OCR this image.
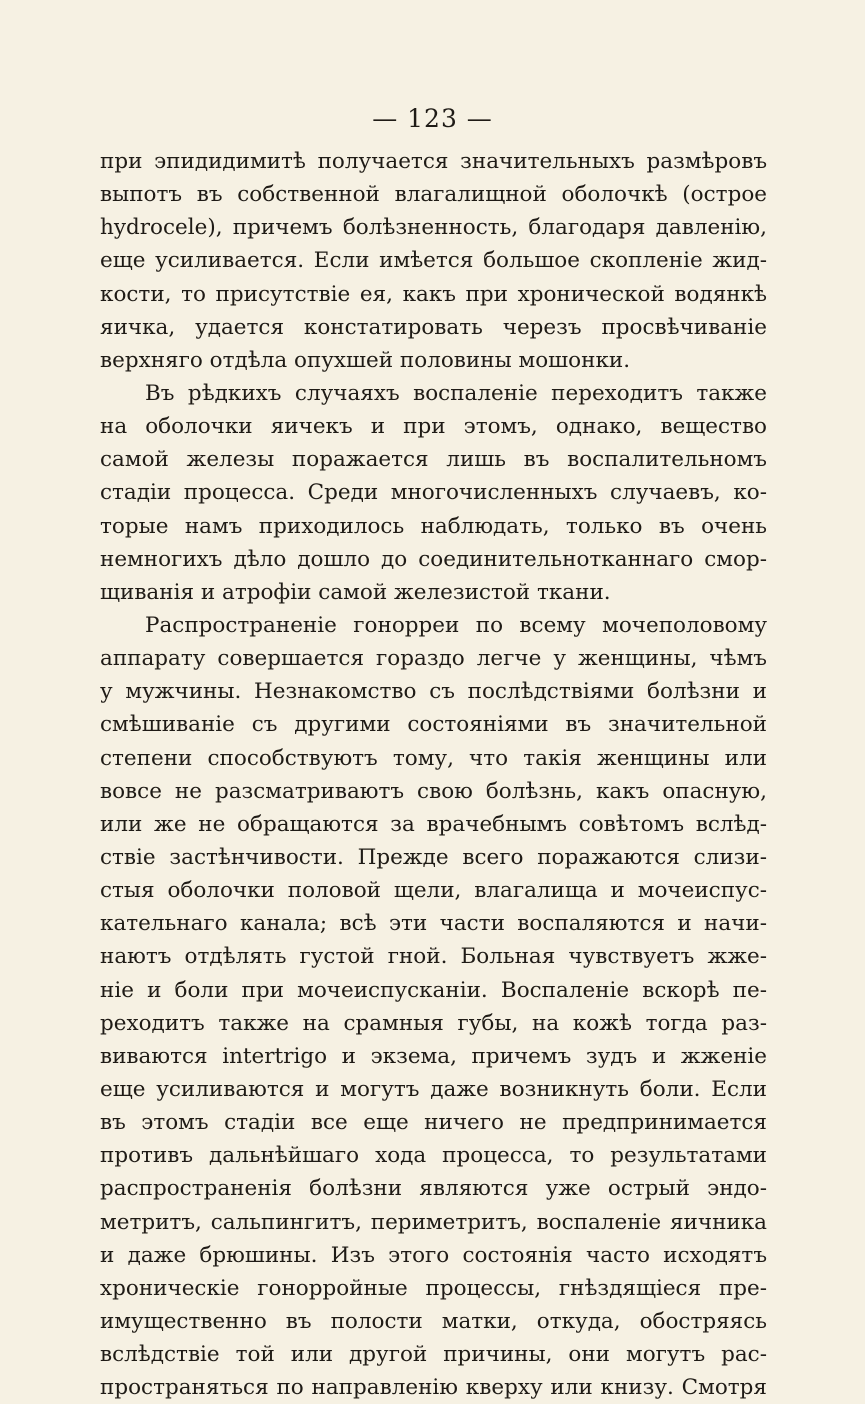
— 123 —
при эпидидимитѣ получается значительныхъ размѣровъ
выпотъ въ собственной влагалищной оболочкѣ (острое
hydrocele), причемъ болѣзненность, благодаря давленію,
еще усиливается. Если имѣется большое скопленіе жид-
кости, то присутствіе ея, какъ при хронической водянкѣ
яичка, удается констатировать черезъ просвѣчиваніе
верхняго отдѣла опухшей половины мошонки.
Въ рѣдкихъ случаяхъ воспаленіе переходитъ также
на оболочки яичекъ и при этомъ, однако, вещество
самой железы поражается лишь въ воспалительномъ
стадіи процесса. Среди многочисленныхъ случаевъ, ко-
торые намъ приходилось наблюдать, только въ очень
немногихъ дѣло дошло до соединительнотканнаго смор-
щиванія и атрофіи самой железистой ткани.
Распространеніе гонорреи по всему мочеполовому
аппарату совершается гораздо легче у женщины, чѣмъ
у мужчины. Незнакомство съ послѣдствіями болѣзни и
смѣшиваніе съ другими состояніями въ значительной
степени способствуютъ тому, что такія женщины или
вовсе не разсматриваютъ свою болѣзнь, какъ опасную,
или же не обращаются за врачебнымъ совѣтомъ вслѣд-
ствіе застѣнчивости. Прежде всего поражаются слизи-
стыя оболочки половой щели, влагалища и мочеиспус-
кательнаго канала; всѣ эти части воспаляются и начи-
наютъ отдѣлять густой гной. Больная чувствуетъ жже-
ніе и боли при мочеиспусканіи. Воспаленіе вскорѣ пе-
реходитъ также на срамныя губы, на кожѣ тогда раз-
виваются intertrigo и экзема, причемъ зудъ и жженіе
еще усиливаются и могутъ даже возникнуть боли. Если
въ этомъ стадіи все еще ничего не предпринимается
противъ дальнѣйшаго хода процесса, то результатами
распространенія болѣзни являются уже острый эндо-
метритъ, сальпингитъ, периметритъ, воспаленіе яичника
и даже брюшины. Изъ этого состоянія часто исходятъ
хроническіе гонорройные процессы, гнѣздящіеся пре-
имущественно въ полости матки, откуда, обостряясь
вслѣдствіе той или другой причины, они могутъ рас-
пространяться по направленію кверху или книзу. Смотря
